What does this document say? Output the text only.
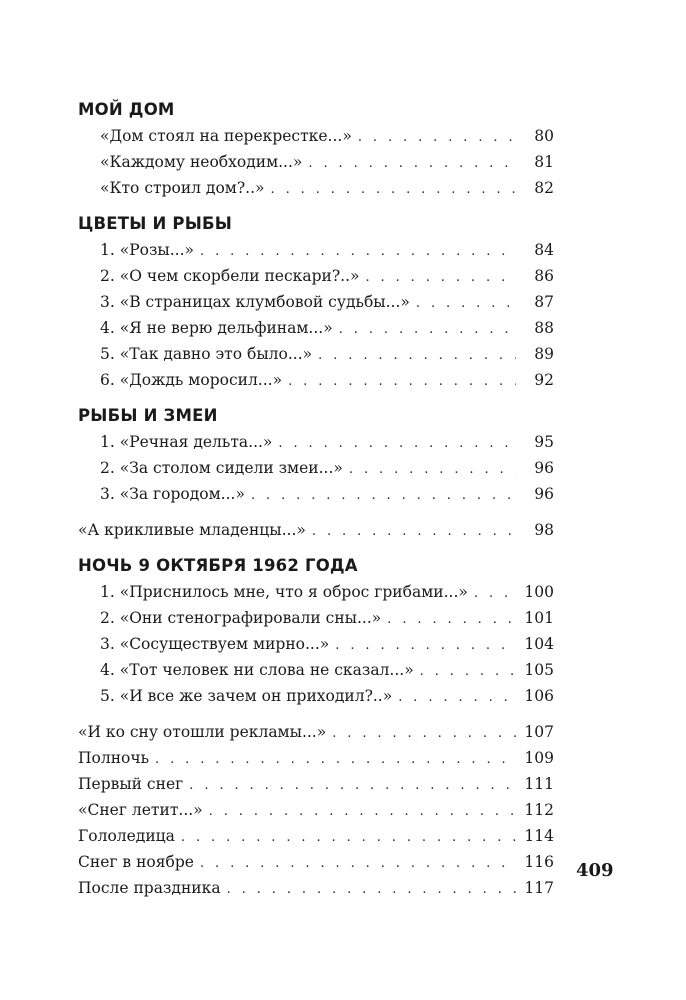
МОЙ ДОМ
«Дом стоял на перекрестке...» . . .	80
«Каждому необходим...» . . .	81
«Кто строил дом?..» . . .	82
ЦВЕТЫ И РЫБЫ
1. «Розы...» . . .	84
2. «О чем скорбели пескари?..» . . .	86
3. «В страницах клумбовой судьбы...» . . .	87
4. «Я не верю дельфинам...» . . .	88
5. «Так давно это было...» . . .	89
6. «Дождь моросил...» . . .	92
РЫБЫ И ЗМЕИ
1. «Речная дельта...» . . .	95
2. «За столом сидели змеи...» . . .	96
3. «За городом...» . . .	96
«А крикливые младенцы...» . . .	98
НОЧЬ 9 ОКТЯБРЯ 1962 ГОДА
1. «Приснилось мне, что я оброс грибами...» . . .	100
2. «Они стенографировали сны...» . . .	101
3. «Сосуществуем мирно...» . . .	104
4. «Тот человек ни слова не сказал...» . . .	105
5. «И все же зачем он приходил?..» . . .	106
«И ко сну отошли рекламы...» . . .	107
Полночь . . .	109
Первый снег . . .	111
«Снег летит...» . . .	112
Гололедица . . .	114
Снег в ноябре . . .	116
После праздника . . .	117
409
